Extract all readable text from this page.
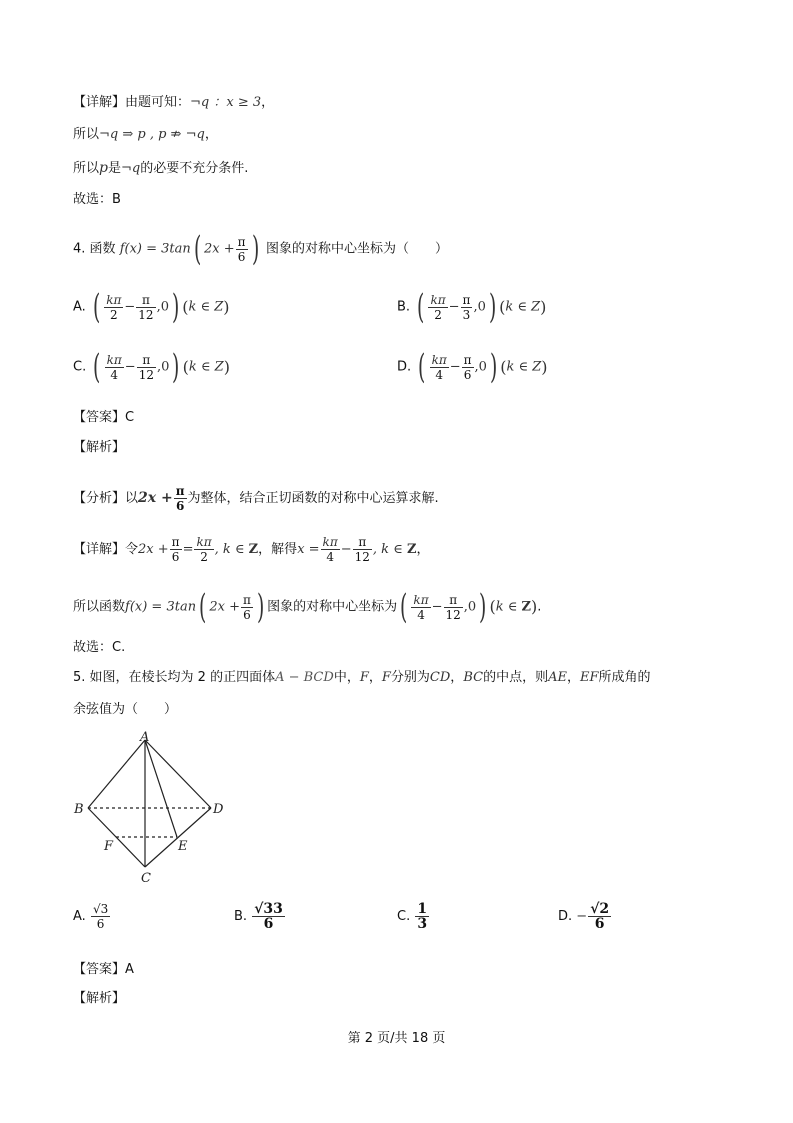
【详解】由题可知：¬q ：x ≥ 3，
所以¬q ⇒ p , p ⇏ ¬q，
所以p是¬q的必要不充分条件.
故选：B
4. 函数 f(x) = 3tan( $2x + \frac{\pi}{6}$ ) 图象的对称中心坐标为（　　）
A. ( $\frac{k\pi}{2} - \frac{\pi}{12} ,0$) (k ∈ Z)	B. ( $\frac{k\pi}{2} - \frac{\pi}{3} ,0$) (k ∈ Z)
C. ( $\frac{k\pi}{4} - \frac{\pi}{12} ,0$) (k ∈ Z)	D. ( $\frac{k\pi}{4} - \frac{\pi}{6} ,0$) (k ∈ Z)
【答案】C
【解析】
【分析】以$2x + \frac{\pi}{6}$ 为整体，结合正切函数的对称中心运算求解.
【详解】令$2x + \frac{\pi}{6} = \frac{k\pi}{2}$ , k ∈ Z，解得$x = \frac{k\pi}{4} - \frac{\pi}{12}$ , k ∈ Z，
所以函数f(x) = 3tan( $2x + \frac{\pi}{6}$ ) 图象的对称中心坐标为( $\frac{k\pi}{4} - \frac{\pi}{12} ,0$) (k ∈ Z).
故选：C.
5. 如图，在棱长均为 2 的正四面体A − BCD中，F，F分别为CD，BC的中点，则AE，EF所成角的
余弦值为（　　）
A
B
C
D
E
F
A. $\frac{√3}{6}$	B. $\frac{√33}{6}$	C. $\frac{1}{3}$	D. − $\frac{√2}{6}$
【答案】A
【解析】
第 2 页/共 18 页
